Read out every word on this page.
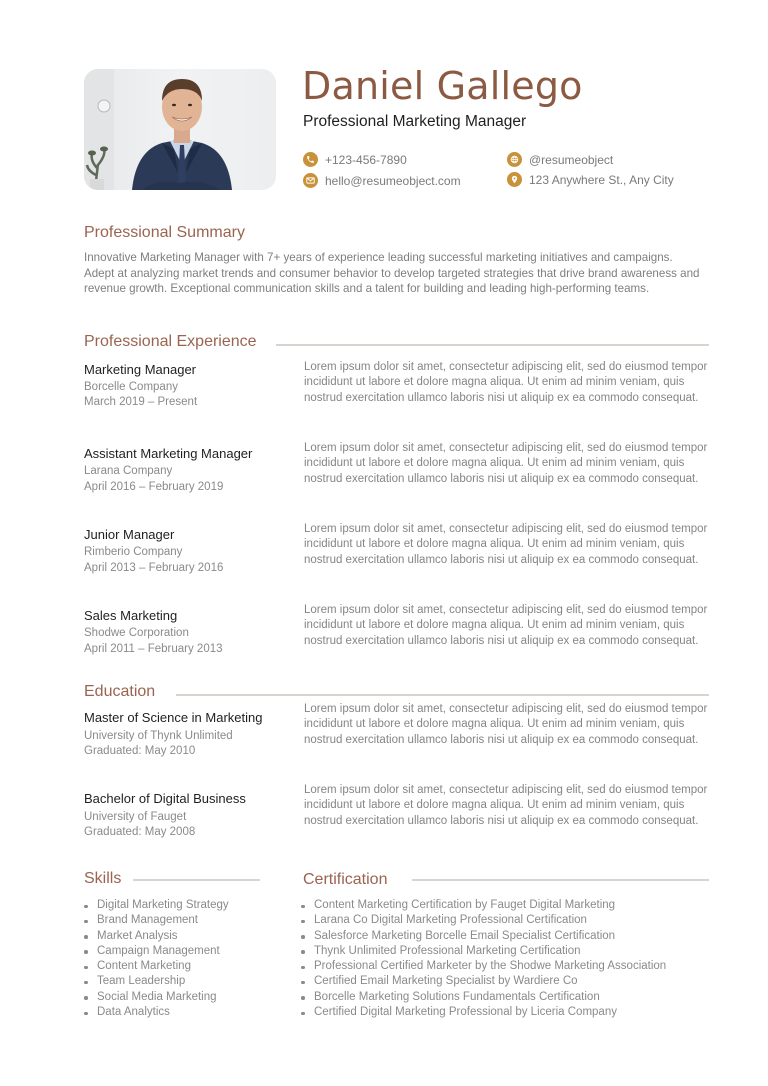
Daniel Gallego
Professional Marketing Manager
+123-456-7890
hello@resumeobject.com
@resumeobject
123 Anywhere St., Any City
Professional Summary

Innovative Marketing Manager with 7+ years of experience leading successful marketing initiatives and campaigns. Adept at analyzing market trends and consumer behavior to develop targeted strategies that drive brand awareness and revenue growth. Exceptional communication skills and a talent for building and leading high-performing teams.

Professional Experience
Marketing Manager
Borcelle Company
March 2019 – Present

Lorem ipsum dolor sit amet, consectetur adipiscing elit, sed do eiusmod tempor incididunt ut labore et dolore magna aliqua. Ut enim ad minim veniam, quis nostrud exercitation ullamco laboris nisi ut aliquip ex ea commodo consequat.

Assistant Marketing Manager
Larana Company
April 2016 – February 2019

Lorem ipsum dolor sit amet, consectetur adipiscing elit, sed do eiusmod tempor incididunt ut labore et dolore magna aliqua. Ut enim ad minim veniam, quis nostrud exercitation ullamco laboris nisi ut aliquip ex ea commodo consequat.

Junior Manager
Rimberio Company
April 2013 – February 2016

Lorem ipsum dolor sit amet, consectetur adipiscing elit, sed do eiusmod tempor incididunt ut labore et dolore magna aliqua. Ut enim ad minim veniam, quis nostrud exercitation ullamco laboris nisi ut aliquip ex ea commodo consequat.

Sales Marketing
Shodwe Corporation
April 2011 – February 2013

Lorem ipsum dolor sit amet, consectetur adipiscing elit, sed do eiusmod tempor incididunt ut labore et dolore magna aliqua. Ut enim ad minim veniam, quis nostrud exercitation ullamco laboris nisi ut aliquip ex ea commodo consequat.

Education
Master of Science in Marketing
University of Thynk Unlimited
Graduated: May 2010

Lorem ipsum dolor sit amet, consectetur adipiscing elit, sed do eiusmod tempor incididunt ut labore et dolore magna aliqua. Ut enim ad minim veniam, quis nostrud exercitation ullamco laboris nisi ut aliquip ex ea commodo consequat.

Bachelor of Digital Business
University of Fauget
Graduated: May 2008

Lorem ipsum dolor sit amet, consectetur adipiscing elit, sed do eiusmod tempor incididunt ut labore et dolore magna aliqua. Ut enim ad minim veniam, quis nostrud exercitation ullamco laboris nisi ut aliquip ex ea commodo consequat.

Skills
Digital Marketing Strategy
Brand Management
Market Analysis
Campaign Management
Content Marketing
Team Leadership
Social Media Marketing
Data Analytics
Certification
Content Marketing Certification by Fauget Digital Marketing
Larana Co Digital Marketing Professional Certification
Salesforce Marketing Borcelle Email Specialist Certification
Thynk Unlimited Professional Marketing Certification
Professional Certified Marketer by the Shodwe Marketing Association
Certified Email Marketing Specialist by Wardiere Co
Borcelle Marketing Solutions Fundamentals Certification
Certified Digital Marketing Professional by Liceria Company
